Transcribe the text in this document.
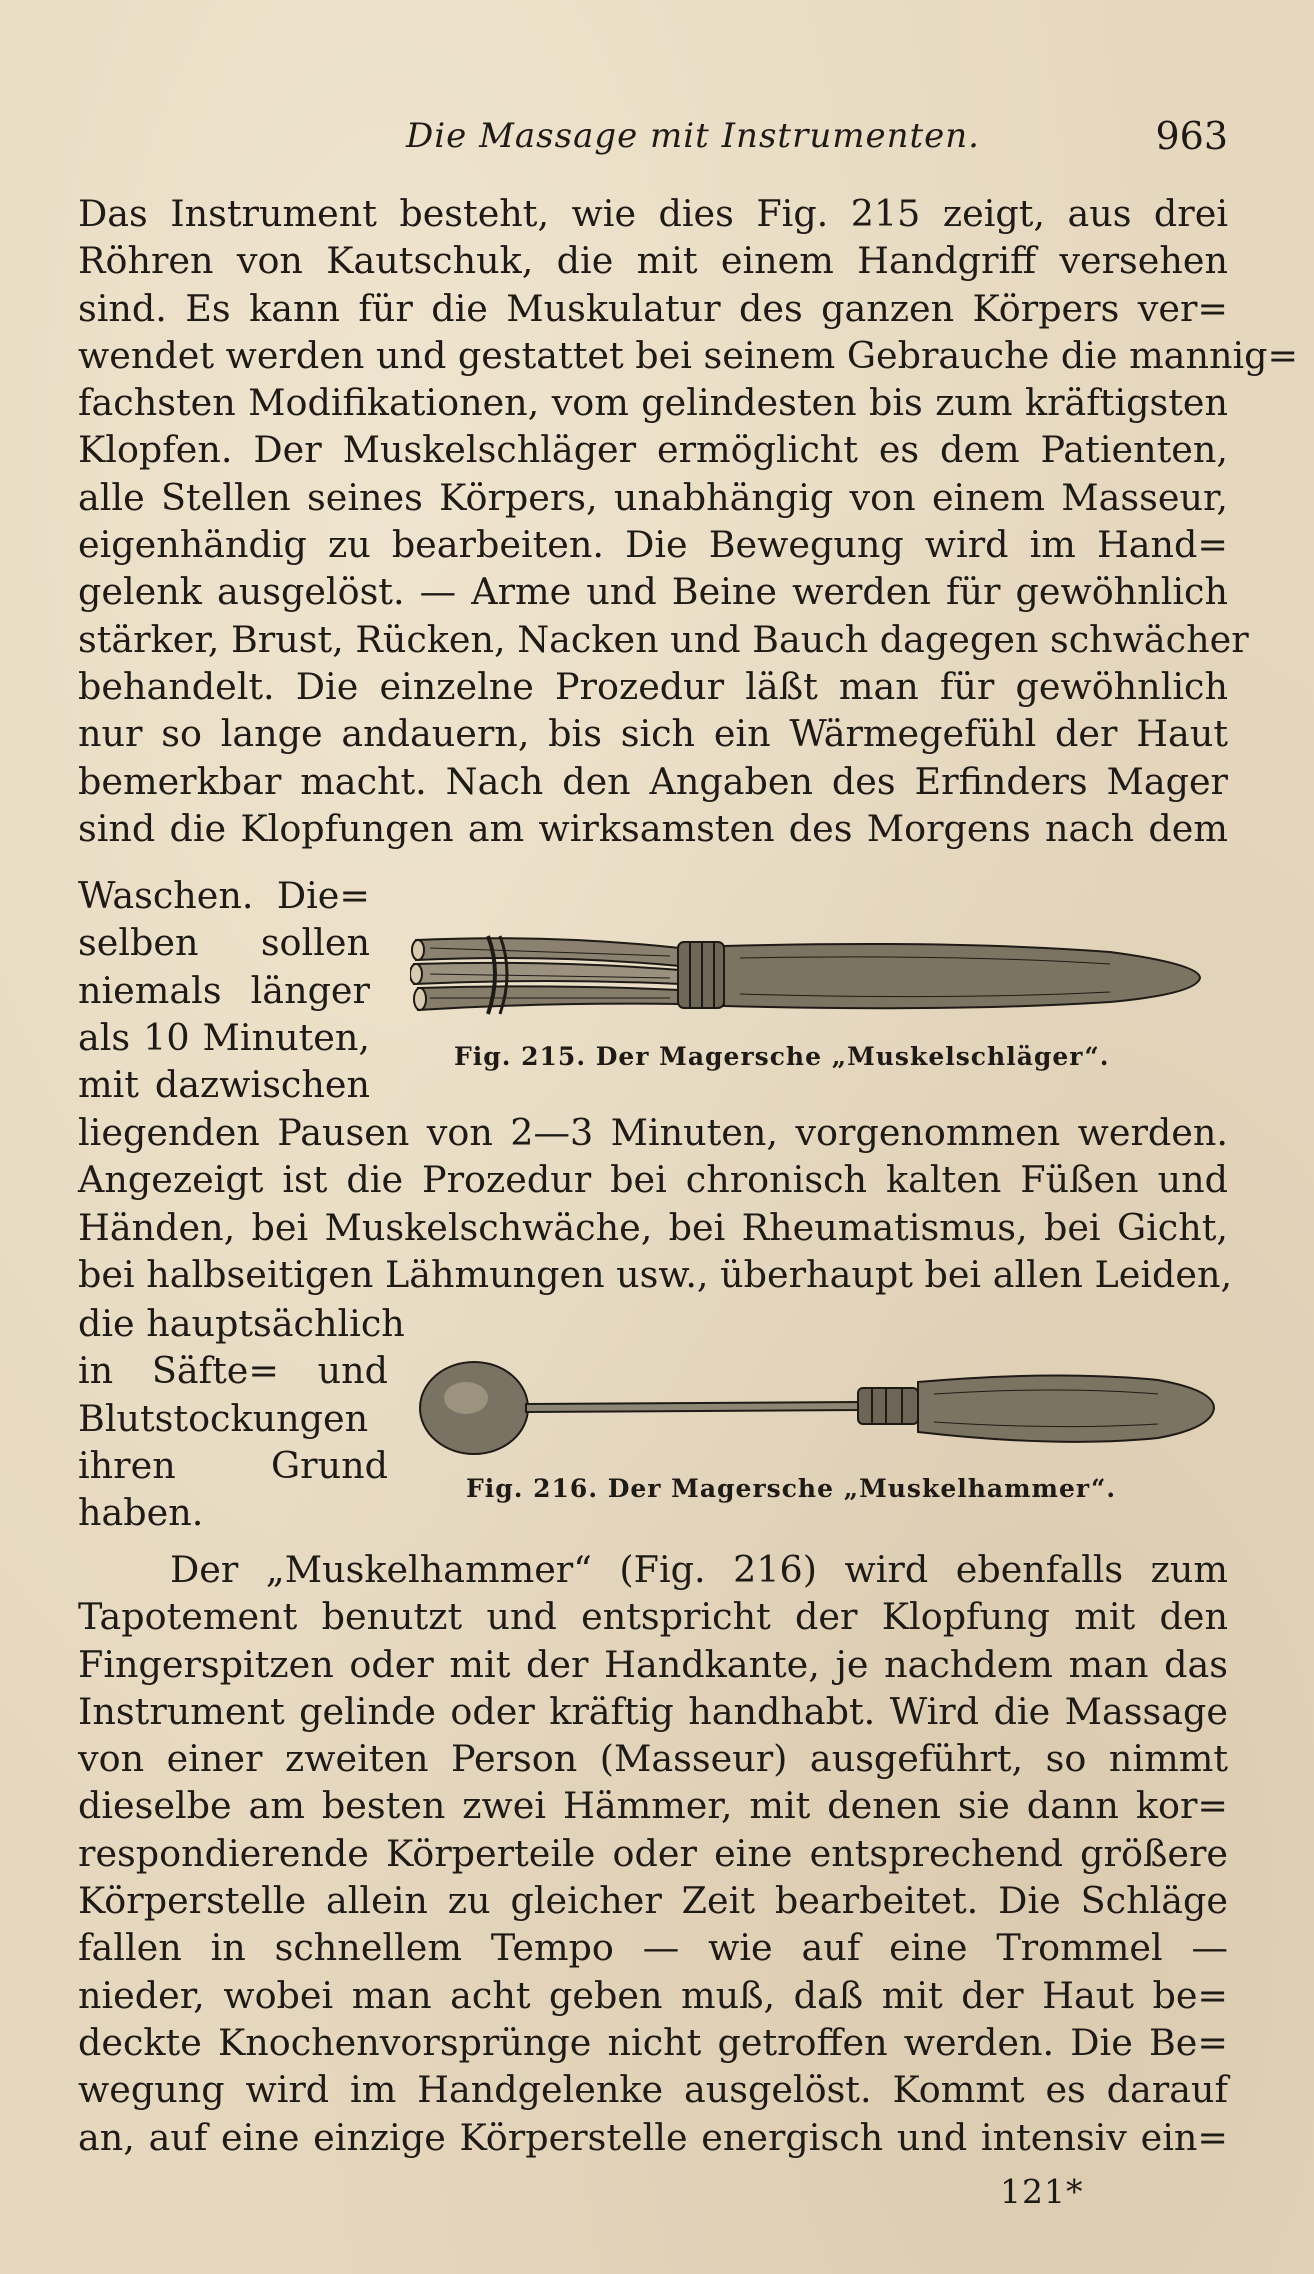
Die Massage mit Instrumenten.	963
Das Instrument besteht, wie dies Fig. 215 zeigt, aus drei
Röhren von Kautschuk, die mit einem Handgriff versehen
sind. Es kann für die Muskulatur des ganzen Körpers ver=
wendet werden und gestattet bei seinem Gebrauche die mannig=
fachsten Modifikationen, vom gelindesten bis zum kräftigsten
Klopfen. Der Muskelschläger ermöglicht es dem Patienten,
alle Stellen seines Körpers, unabhängig von einem Masseur,
eigenhändig zu bearbeiten. Die Bewegung wird im Hand=
gelenk ausgelöst. — Arme und Beine werden für gewöhnlich
stärker, Brust, Rücken, Nacken und Bauch dagegen schwächer
behandelt. Die einzelne Prozedur läßt man für gewöhnlich
nur so lange andauern, bis sich ein Wärmegefühl der Haut
bemerkbar macht. Nach den Angaben des Erfinders Mager
sind die Klopfungen am wirksamsten des Morgens nach dem
Waschen. Die=
selben sollen
niemals länger
als 10 Minuten,
mit dazwischen
Fig. 215. Der Magersche „Muskelschläger“.
liegenden Pausen von 2—3 Minuten, vorgenommen werden.
Angezeigt ist die Prozedur bei chronisch kalten Füßen und
Händen, bei Muskelschwäche, bei Rheumatismus, bei Gicht,
bei halbseitigen Lähmungen usw., überhaupt bei allen Leiden,
die hauptsächlich
in Säfte= und
Blutstockungen
ihren Grund
haben.
Fig. 216. Der Magersche „Muskelhammer“.
Der „Muskelhammer“ (Fig. 216) wird ebenfalls zum
Tapotement benutzt und entspricht der Klopfung mit den
Fingerspitzen oder mit der Handkante, je nachdem man das
Instrument gelinde oder kräftig handhabt. Wird die Massage
von einer zweiten Person (Masseur) ausgeführt, so nimmt
dieselbe am besten zwei Hämmer, mit denen sie dann kor=
respondierende Körperteile oder eine entsprechend größere
Körperstelle allein zu gleicher Zeit bearbeitet. Die Schläge
fallen in schnellem Tempo — wie auf eine Trommel —
nieder, wobei man acht geben muß, daß mit der Haut be=
deckte Knochenvorsprünge nicht getroffen werden. Die Be=
wegung wird im Handgelenke ausgelöst. Kommt es darauf
an, auf eine einzige Körperstelle energisch und intensiv ein=
121*
